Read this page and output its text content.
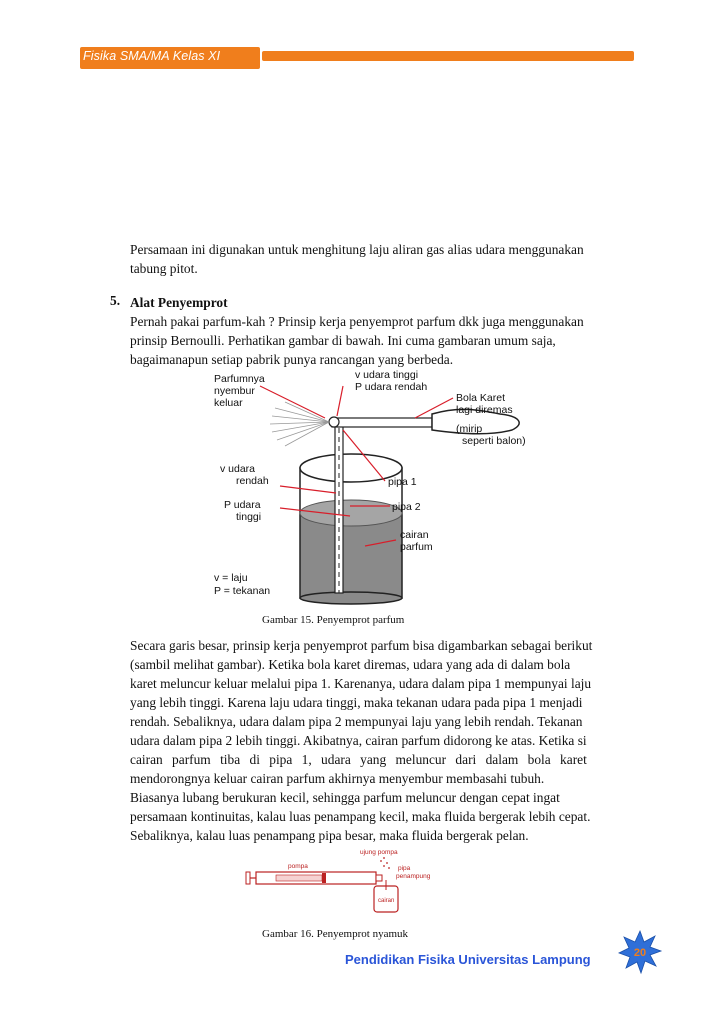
Fisika SMA/MA Kelas XI
Persamaan ini digunakan untuk menghitung laju aliran gas alias udara menggunakan
tabung pitot.
5. Alat Penyemprot
Pernah pakai parfum-kah ? Prinsip kerja penyemprot parfum dkk juga menggunakan
prinsip Bernoulli. Perhatikan gambar di bawah. Ini cuma gambaran umum saja,
bagaimanapun setiap pabrik punya rancangan yang berbeda.
Parfumnya
nyembur
keluar
v udara tinggi
P udara rendah
Bola Karet
lagi diremas
(mirip
seperti balon)
v udara
rendah
P udara
tinggi
pipa 1
pipa 2
cairan
parfum
v = laju
P = tekanan
Gambar 15. Penyemprot parfum
Secara garis besar, prinsip kerja penyemprot parfum bisa digambarkan sebagai berikut
(sambil melihat gambar). Ketika bola karet diremas, udara yang ada di dalam bola
karet meluncur keluar melalui pipa 1. Karenanya, udara dalam pipa 1 mempunyai laju
yang lebih tinggi. Karena laju udara tinggi, maka tekanan udara pada pipa 1 menjadi
rendah. Sebaliknya, udara dalam pipa 2 mempunyai laju yang lebih rendah. Tekanan
udara dalam pipa 2 lebih tinggi. Akibatnya, cairan parfum didorong ke atas. Ketika si
cairan parfum tiba di pipa 1, udara yang meluncur dari dalam bola karet
mendorongnya keluar cairan parfum akhirnya menyembur membasahi tubuh.
Biasanya lubang berukuran kecil, sehingga parfum meluncur dengan cepat ingat
persamaan kontinuitas, kalau luas penampang kecil, maka fluida bergerak lebih cepat.
Sebaliknya, kalau luas penampang pipa besar, maka fluida bergerak pelan.
ujung pompa
pompa	pipa
penampung
cairan
Gambar 16. Penyemprot nyamuk
Pendidikan Fisika Universitas Lampung	20
